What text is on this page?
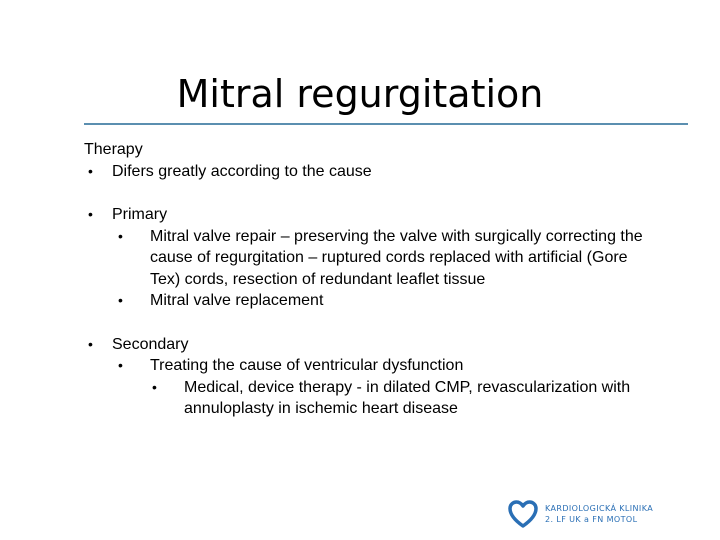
Mitral regurgitation
Therapy
•	Difers greatly according to the cause
•	Primary
•	Mitral valve repair – preserving the valve with surgically correcting the cause of regurgitation – ruptured cords replaced with artificial (Gore Tex) cords, resection of redundant leaflet tissue
•	Mitral valve replacement
•	Secondary
•	Treating the cause of ventricular dysfunction
•	Medical, device therapy - in dilated CMP, revascularization with annuloplasty in ischemic heart disease
KARDIOLOGICKÁ KLINIKA
2. LF UK a FN MOTOL
